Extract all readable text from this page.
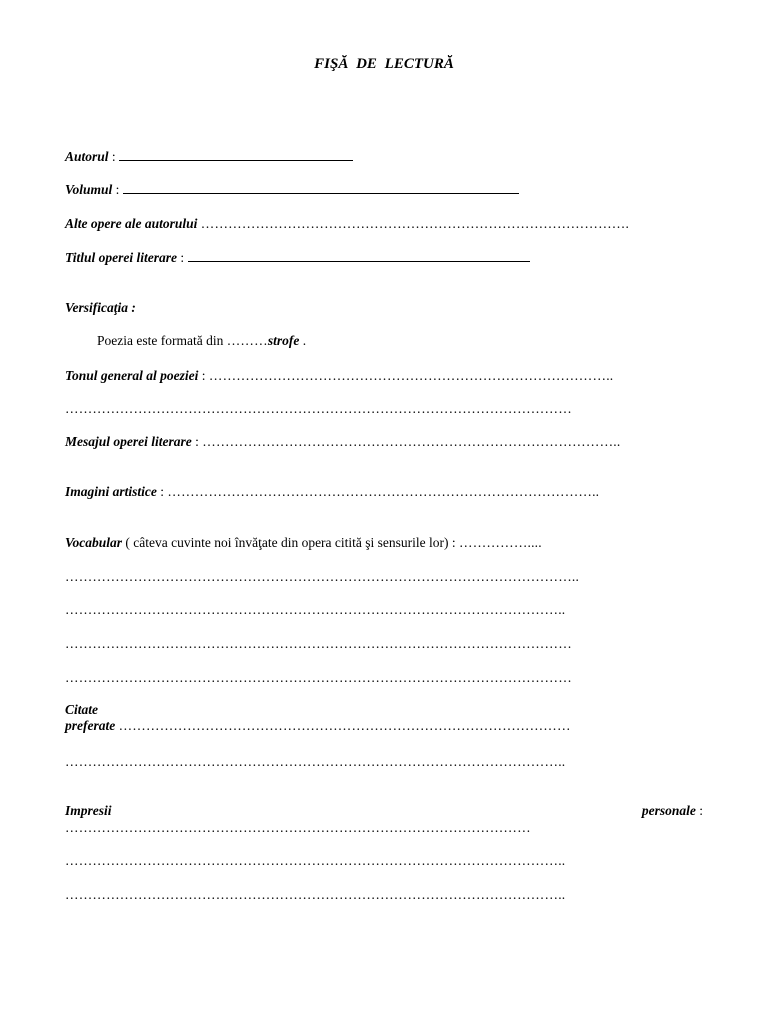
FIŞĂ DE LECTURĂ
Autorul :
Volumul :
Alte opere ale autorului ………………………………………………………………………………….
Titlul operei literare :
Versificaţia :
Poezia este formată din ………strofe .
Tonul general al poeziei : ……………………………………………………………………………..
…………………………………………………………………………………………………
Mesajul operei literare : ………………………………………………………………………………..
Imagini artistice : …………………………………………………………………………………..
Vocabular ( câteva cuvinte noi învăţate din opera citită şi sensurile lor) : ……………....
…………………………………………………………………………………………………..
………………………………………………………………………………………………..
…………………………………………………………………………………………………
…………………………………………………………………………………………………
Citate
preferate ………………………………………………………………………………………
………………………………………………………………………………………………..
Impresii	personale :
…………………………………………………………………………………………
………………………………………………………………………………………………..
………………………………………………………………………………………………..
